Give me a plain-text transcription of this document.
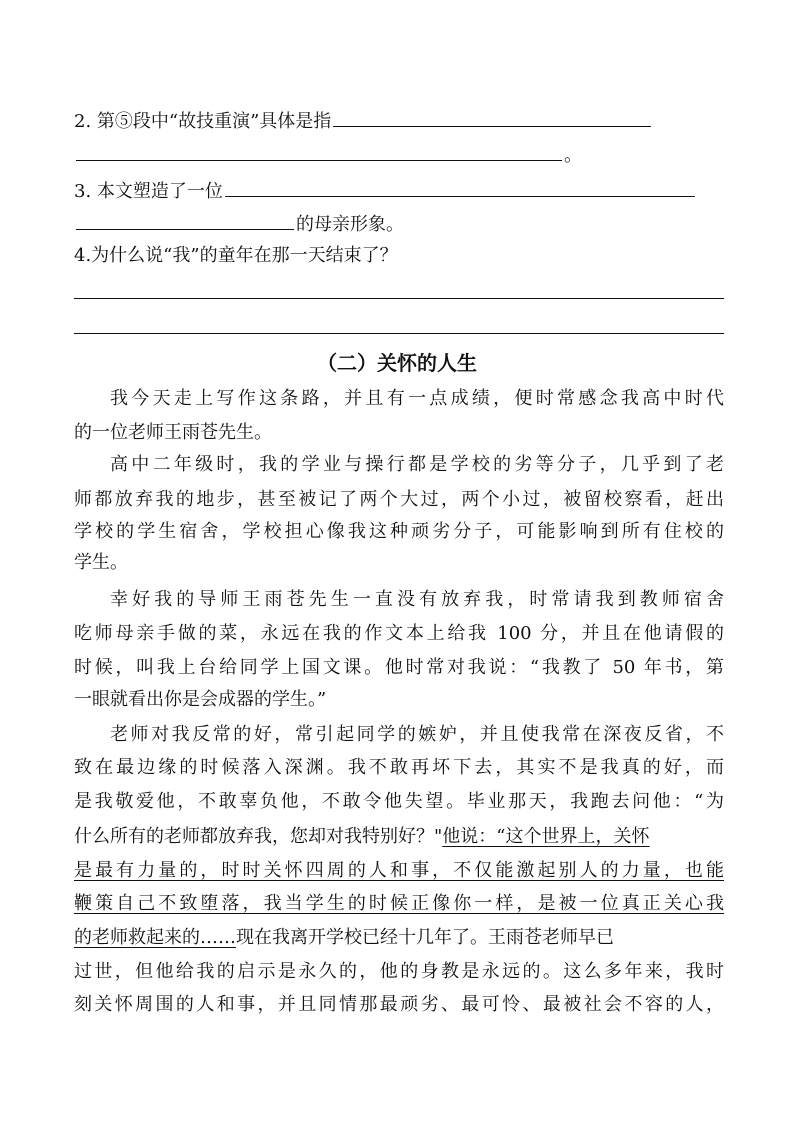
2. 第⑤段中“故技重演”具体是指
。
3. 本文塑造了一位
的母亲形象。
4.为什么说“我”的童年在那一天结束了？
（二）关怀的人生
我今天走上写作这条路，并且有一点成绩，便时常感念我高中时代
的一位老师王雨苍先生。
高中二年级时，我的学业与操行都是学校的劣等分子，几乎到了老
师都放弃我的地步，甚至被记了两个大过，两个小过，被留校察看，赶出
学校的学生宿舍，学校担心像我这种顽劣分子，可能影响到所有住校的
学生。
幸好我的导师王雨苍先生一直没有放弃我，时常请我到教师宿舍
吃师母亲手做的菜，永远在我的作文本上给我 100 分，并且在他请假的
时候，叫我上台给同学上国文课。他时常对我说：“我教了 50 年书，第
一眼就看出你是会成器的学生。”
老师对我反常的好，常引起同学的嫉妒，并且使我常在深夜反省，不
致在最边缘的时候落入深渊。我不敢再坏下去，其实不是我真的好，而
是我敬爱他，不敢辜负他，不敢令他失望。毕业那天，我跑去问他：“为
什么所有的老师都放弃我，您却对我特别好？"他说：“这个世界上，关怀
是最有力量的，时时关怀四周的人和事，不仅能激起别人的力量，也能
鞭策自己不致堕落，我当学生的时候正像你一样，是被一位真正关心我
的老师救起来的……现在我离开学校已经十几年了。王雨苍老师早已
过世，但他给我的启示是永久的，他的身教是永远的。这么多年来，我时
刻关怀周围的人和事，并且同情那最顽劣、最可怜、最被社会不容的人，
